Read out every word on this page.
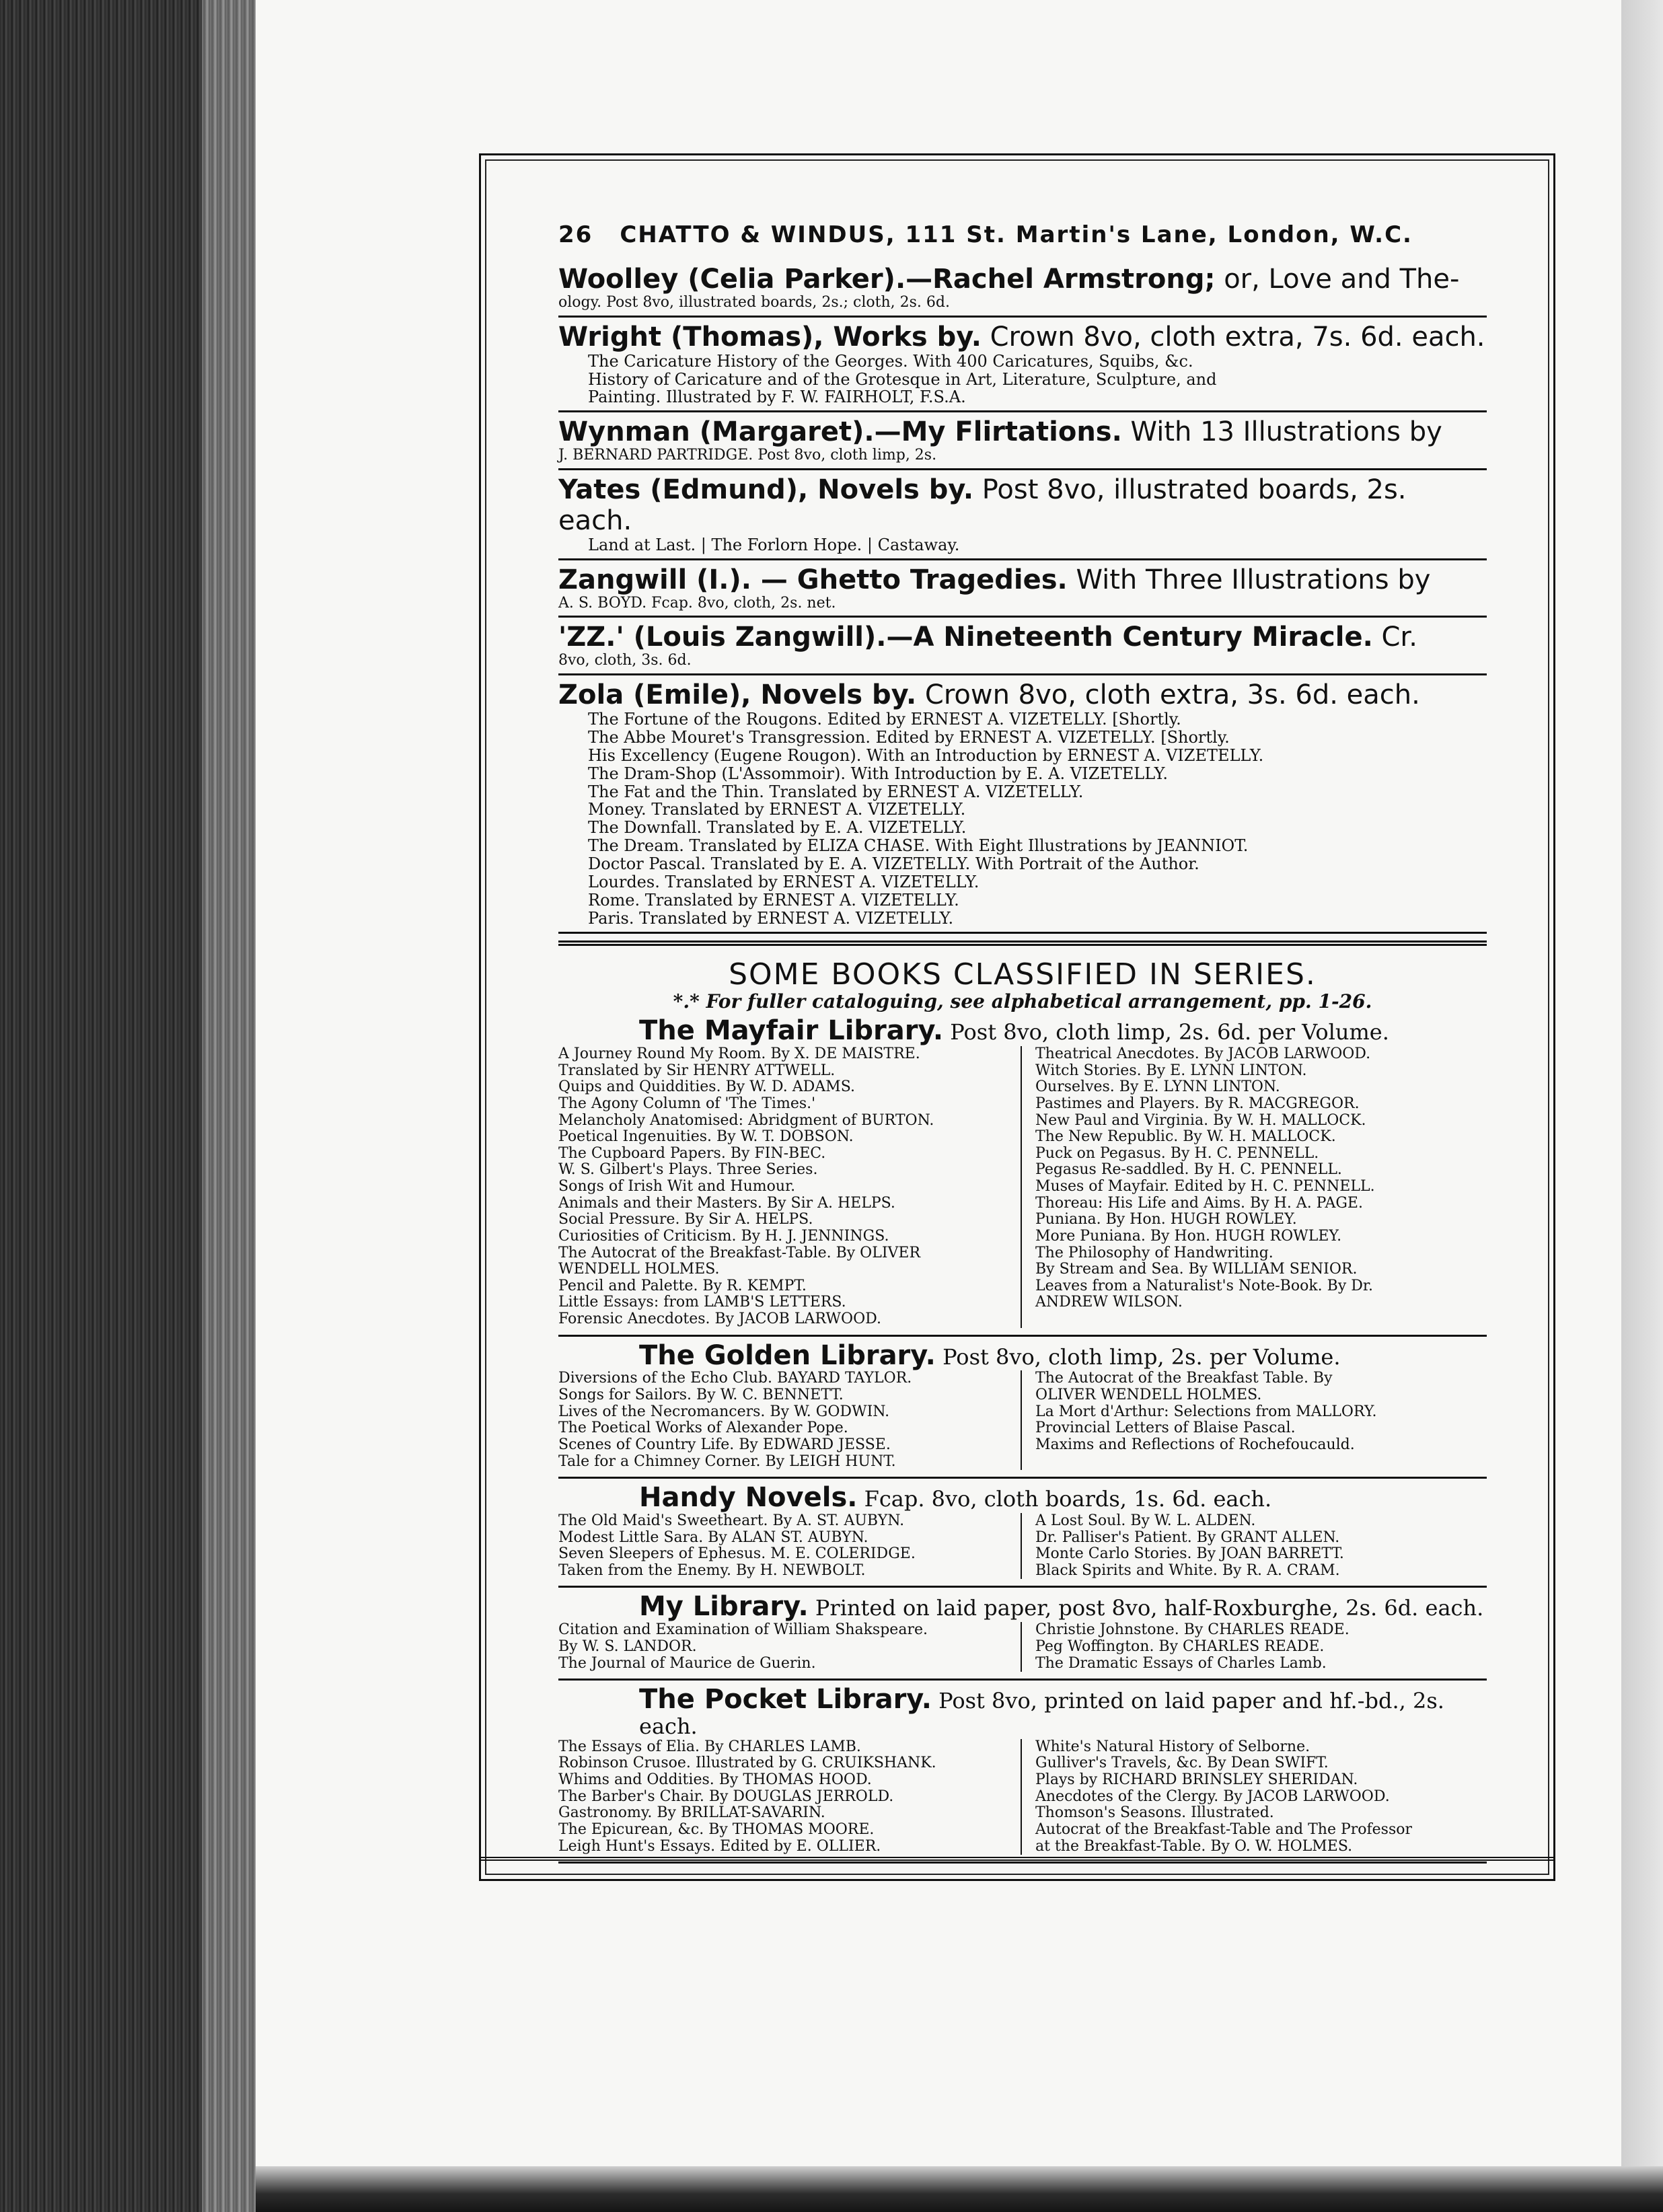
26 CHATTO & WINDUS, 111 St. Martin's Lane, London, W.C.
Woolley (Celia Parker).—Rachel Armstrong; or, Love and The-
ology. Post 8vo, illustrated boards, 2s.; cloth, 2s. 6d.
Wright (Thomas), Works by. Crown 8vo, cloth extra, 7s. 6d. each.
The Caricature History of the Georges. With 400 Caricatures, Squibs, &c.
History of Caricature and of the Grotesque in Art, Literature, Sculpture, and
Painting. Illustrated by F. W. FAIRHOLT, F.S.A.
Wynman (Margaret).—My Flirtations. With 13 Illustrations by
J. BERNARD PARTRIDGE. Post 8vo, cloth limp, 2s.
Yates (Edmund), Novels by. Post 8vo, illustrated boards, 2s. each.
Land at Last. | The Forlorn Hope. | Castaway.
Zangwill (I.). — Ghetto Tragedies. With Three Illustrations by
A. S. BOYD. Fcap. 8vo, cloth, 2s. net.
'ZZ.' (Louis Zangwill).—A Nineteenth Century Miracle. Cr.
8vo, cloth, 3s. 6d.
Zola (Emile), Novels by. Crown 8vo, cloth extra, 3s. 6d. each.
The Fortune of the Rougons. Edited by ERNEST A. VIZETELLY. [Shortly.
The Abbe Mouret's Transgression. Edited by ERNEST A. VIZETELLY. [Shortly.
His Excellency (Eugene Rougon). With an Introduction by ERNEST A. VIZETELLY.
The Dram-Shop (L'Assommoir). With Introduction by E. A. VIZETELLY.
The Fat and the Thin. Translated by ERNEST A. VIZETELLY.
Money. Translated by ERNEST A. VIZETELLY.
The Downfall. Translated by E. A. VIZETELLY.
The Dream. Translated by ELIZA CHASE. With Eight Illustrations by JEANNIOT.
Doctor Pascal. Translated by E. A. VIZETELLY. With Portrait of the Author.
Lourdes. Translated by ERNEST A. VIZETELLY.
Rome. Translated by ERNEST A. VIZETELLY.
Paris. Translated by ERNEST A. VIZETELLY.
SOME BOOKS CLASSIFIED IN SERIES.
*.* For fuller cataloguing, see alphabetical arrangement, pp. 1-26.
The Mayfair Library. Post 8vo, cloth limp, 2s. 6d. per Volume.
A Journey Round My Room. By X. DE MAISTRE.
Translated by Sir HENRY ATTWELL.
Quips and Quiddities. By W. D. ADAMS.
The Agony Column of 'The Times.'
Melancholy Anatomised: Abridgment of BURTON.
Poetical Ingenuities. By W. T. DOBSON.
The Cupboard Papers. By FIN-BEC.
W. S. Gilbert's Plays. Three Series.
Songs of Irish Wit and Humour.
Animals and their Masters. By Sir A. HELPS.
Social Pressure. By Sir A. HELPS.
Curiosities of Criticism. By H. J. JENNINGS.
The Autocrat of the Breakfast-Table. By OLIVER
WENDELL HOLMES.
Pencil and Palette. By R. KEMPT.
Little Essays: from LAMB'S LETTERS.
Forensic Anecdotes. By JACOB LARWOOD.
Theatrical Anecdotes. By JACOB LARWOOD.
Witch Stories. By E. LYNN LINTON.
Ourselves. By E. LYNN LINTON.
Pastimes and Players. By R. MACGREGOR.
New Paul and Virginia. By W. H. MALLOCK.
The New Republic. By W. H. MALLOCK.
Puck on Pegasus. By H. C. PENNELL.
Pegasus Re-saddled. By H. C. PENNELL.
Muses of Mayfair. Edited by H. C. PENNELL.
Thoreau: His Life and Aims. By H. A. PAGE.
Puniana. By Hon. HUGH ROWLEY.
More Puniana. By Hon. HUGH ROWLEY.
The Philosophy of Handwriting.
By Stream and Sea. By WILLIAM SENIOR.
Leaves from a Naturalist's Note-Book. By Dr.
ANDREW WILSON.
The Golden Library. Post 8vo, cloth limp, 2s. per Volume.
Diversions of the Echo Club. BAYARD TAYLOR.
Songs for Sailors. By W. C. BENNETT.
Lives of the Necromancers. By W. GODWIN.
The Poetical Works of Alexander Pope.
Scenes of Country Life. By EDWARD JESSE.
Tale for a Chimney Corner. By LEIGH HUNT.
The Autocrat of the Breakfast Table. By
OLIVER WENDELL HOLMES.
La Mort d'Arthur: Selections from MALLORY.
Provincial Letters of Blaise Pascal.
Maxims and Reflections of Rochefoucauld.
Handy Novels. Fcap. 8vo, cloth boards, 1s. 6d. each.
The Old Maid's Sweetheart. By A. ST. AUBYN.
Modest Little Sara. By ALAN ST. AUBYN.
Seven Sleepers of Ephesus. M. E. COLERIDGE.
Taken from the Enemy. By H. NEWBOLT.
A Lost Soul. By W. L. ALDEN.
Dr. Palliser's Patient. By GRANT ALLEN.
Monte Carlo Stories. By JOAN BARRETT.
Black Spirits and White. By R. A. CRAM.
My Library. Printed on laid paper, post 8vo, half-Roxburghe, 2s. 6d. each.
Citation and Examination of William Shakspeare.
By W. S. LANDOR.
The Journal of Maurice de Guerin.
Christie Johnstone. By CHARLES READE.
Peg Woffington. By CHARLES READE.
The Dramatic Essays of Charles Lamb.
The Pocket Library. Post 8vo, printed on laid paper and hf.-bd., 2s. each.
The Essays of Elia. By CHARLES LAMB.
Robinson Crusoe. Illustrated by G. CRUIKSHANK.
Whims and Oddities. By THOMAS HOOD.
The Barber's Chair. By DOUGLAS JERROLD.
Gastronomy. By BRILLAT-SAVARIN.
The Epicurean, &c. By THOMAS MOORE.
Leigh Hunt's Essays. Edited by E. OLLIER.
White's Natural History of Selborne.
Gulliver's Travels, &c. By Dean SWIFT.
Plays by RICHARD BRINSLEY SHERIDAN.
Anecdotes of the Clergy. By JACOB LARWOOD.
Thomson's Seasons. Illustrated.
Autocrat of the Breakfast-Table and The Professor
at the Breakfast-Table. By O. W. HOLMES.
